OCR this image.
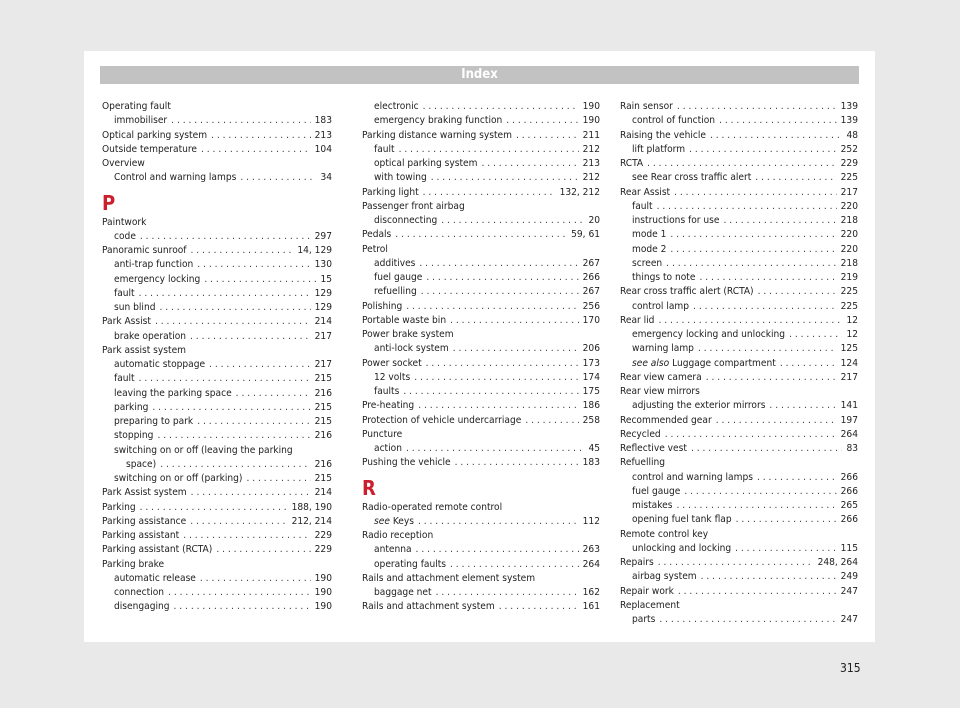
Index
Operating fault
immobiliser . . .	183
Optical parking system . . .	213
Outside temperature . . .	104
Overview
Control and warning lamps . . .	34
P
Paintwork
code . . .	297
Panoramic sunroof . . .	14, 129
anti-trap function . . .	130
emergency locking . . .	15
fault . . .	129
sun blind . . .	129
Park Assist . . .	214
brake operation . . .	217
Park assist system
automatic stoppage . . .	217
fault . . .	215
leaving the parking space . . .	216
parking . . .	215
preparing to park . . .	215
stopping . . .	216
switching on or off (leaving the parking
space) . . .	216
switching on or off (parking) . . .	215
Park Assist system . . .	214
Parking . . .	188, 190
Parking assistance . . .	212, 214
Parking assistant . . .	229
Parking assistant (RCTA) . . .	229
Parking brake
automatic release . . .	190
connection . . .	190
disengaging . . .	190
electronic . . .	190
emergency braking function . . .	190
Parking distance warning system . . .	211
fault . . .	212
optical parking system . . .	213
with towing . . .	212
Parking light . . .	132, 212
Passenger front airbag
disconnecting . . .	20
Pedals . . .	59, 61
Petrol
additives . . .	267
fuel gauge . . .	266
refuelling . . .	267
Polishing . . .	256
Portable waste bin . . .	170
Power brake system
anti-lock system . . .	206
Power socket . . .	173
12 volts . . .	174
faults . . .	175
Pre-heating . . .	186
Protection of vehicle undercarriage . . .	258
Puncture
action . . .	45
Pushing the vehicle . . .	183
R
Radio-operated remote control
see Keys . . .	112
Radio reception
antenna . . .	263
operating faults . . .	264
Rails and attachment element system
baggage net . . .	162
Rails and attachment system . . .	161
Rain sensor . . .	139
control of function . . .	139
Raising the vehicle . . .	48
lift platform . . .	252
RCTA . . .	229
see Rear cross traffic alert . . .	225
Rear Assist . . .	217
fault . . .	220
instructions for use . . .	218
mode 1 . . .	220
mode 2 . . .	220
screen . . .	218
things to note . . .	219
Rear cross traffic alert (RCTA) . . .	225
control lamp . . .	225
Rear lid . . .	12
emergency locking and unlocking . . .	12
warning lamp . . .	125
see also Luggage compartment . . .	124
Rear view camera . . .	217
Rear view mirrors
adjusting the exterior mirrors . . .	141
Recommended gear . . .	197
Recycled . . .	264
Reflective vest . . .	83
Refuelling
control and warning lamps . . .	266
fuel gauge . . .	266
mistakes . . .	265
opening fuel tank flap . . .	266
Remote control key
unlocking and locking . . .	115
Repairs . . .	248, 264
airbag system . . .	249
Repair work . . .	247
Replacement
parts . . .	247
315
